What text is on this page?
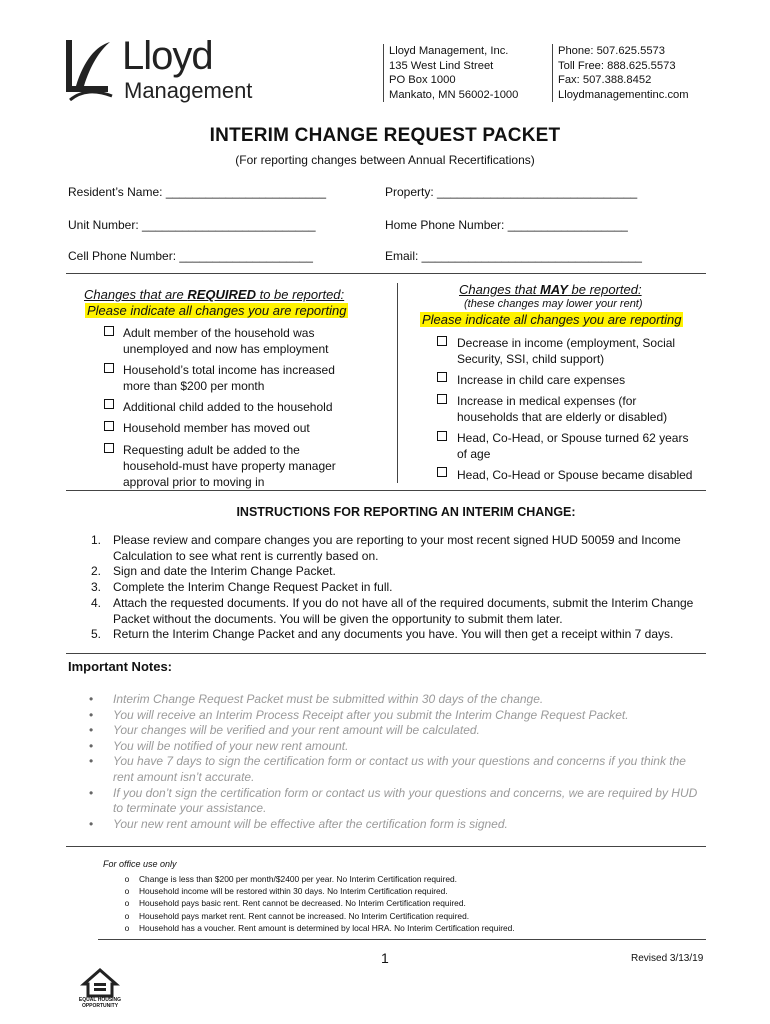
Lloyd
Management
Lloyd Management, Inc.
135 West Lind Street
PO Box 1000
Mankato, MN 56002-1000
Phone: 507.625.5573
Toll Free: 888.625.5573
Fax: 507.388.8452
Lloydmanagementinc.com
INTERIM CHANGE REQUEST PACKET
(For reporting changes between Annual Recertifications)
Resident’s Name: ________________________	Property: ______________________________
Unit Number: __________________________	Home Phone Number: __________________
Cell Phone Number: ____________________	Email: _________________________________
Changes that are REQUIRED to be reported:
Please indicate all changes you are reporting
Adult member of the household was
unemployed and now has employment
Household’s total income has increased
more than $200 per month
Additional child added to the household
Household member has moved out
Requesting adult be added to the
household-must have property manager
approval prior to moving in
Changes that MAY be reported:
(these changes may lower your rent)
Please indicate all changes you are reporting
Decrease in income (employment, Social
Security, SSI, child support)
Increase in child care expenses
Increase in medical expenses (for
households that are elderly or disabled)
Head, Co-Head, or Spouse turned 62 years
of age
Head, Co-Head or Spouse became disabled
INSTRUCTIONS FOR REPORTING AN INTERIM CHANGE:
1. Please review and compare changes you are reporting to your most recent signed HUD 50059 and Income
Calculation to see what rent is currently based on.
2. Sign and date the Interim Change Packet.
3. Complete the Interim Change Request Packet in full.
4. Attach the requested documents. If you do not have all of the required documents, submit the Interim Change
Packet without the documents. You will be given the opportunity to submit them later.
5. Return the Interim Change Packet and any documents you have. You will then get a receipt within 7 days.
Important Notes:
•	Interim Change Request Packet must be submitted within 30 days of the change.
•	You will receive an Interim Process Receipt after you submit the Interim Change Request Packet.
•	Your changes will be verified and your rent amount will be calculated.
•	You will be notified of your new rent amount.
•	You have 7 days to sign the certification form or contact us with your questions and concerns if you think the
rent amount isn’t accurate.
•	If you don’t sign the certification form or contact us with your questions and concerns, we are required by HUD
to terminate your assistance.
•	Your new rent amount will be effective after the certification form is signed.
For office use only
o	Change is less than $200 per month/$2400 per year. No Interim Certification required.
o	Household income will be restored within 30 days. No Interim Certification required.
o	Household pays basic rent. Rent cannot be decreased. No Interim Certification required.
o	Household pays market rent. Rent cannot be increased. No Interim Certification required.
o	Household has a voucher. Rent amount is determined by local HRA. No Interim Certification required.
1	Revised 3/13/19
EQUAL HOUSING
OPPORTUNITY
